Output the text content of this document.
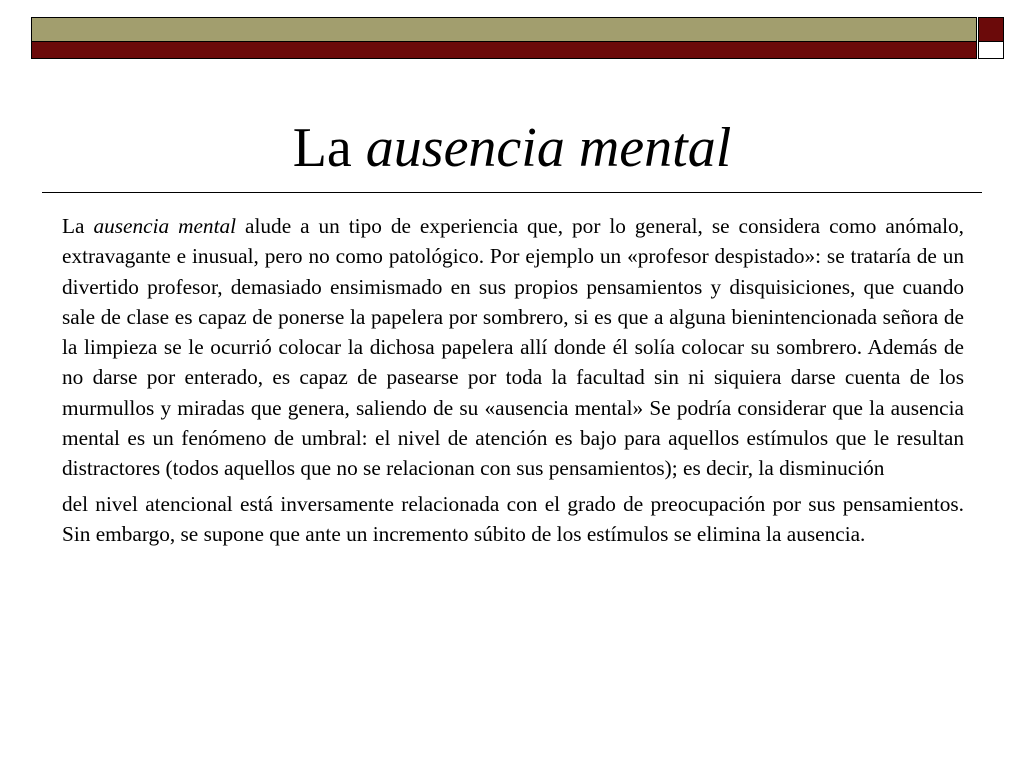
La ausencia mental

La ausencia mental alude a un tipo de experiencia que, por lo general, se considera como anómalo, extravagante e inusual, pero no como patológico. Por ejemplo un «profesor despistado»: se trataría de un divertido profesor, demasiado ensimismado en sus propios pensamientos y disquisiciones, que cuando sale de clase es capaz de ponerse la papelera por sombrero, si es que a alguna bienintencionada señora de la limpieza se le ocurrió colocar la dichosa papelera allí donde él solía colocar su sombrero. Además de no darse por enterado, es capaz de pasearse por toda la facultad sin ni siquiera darse cuenta de los murmullos y miradas que genera, saliendo de su «ausencia mental» Se podría considerar que la ausencia mental es un fenómeno de umbral: el nivel de atención es bajo para aquellos estímulos que le resultan distractores (todos aquellos que no se relacionan con sus pensamientos); es decir, la disminución

del nivel atencional está inversamente relacionada con el grado de preocupación por sus pensamientos. Sin embargo, se supone que ante un incremento súbito de los estímulos se elimina la ausencia.
